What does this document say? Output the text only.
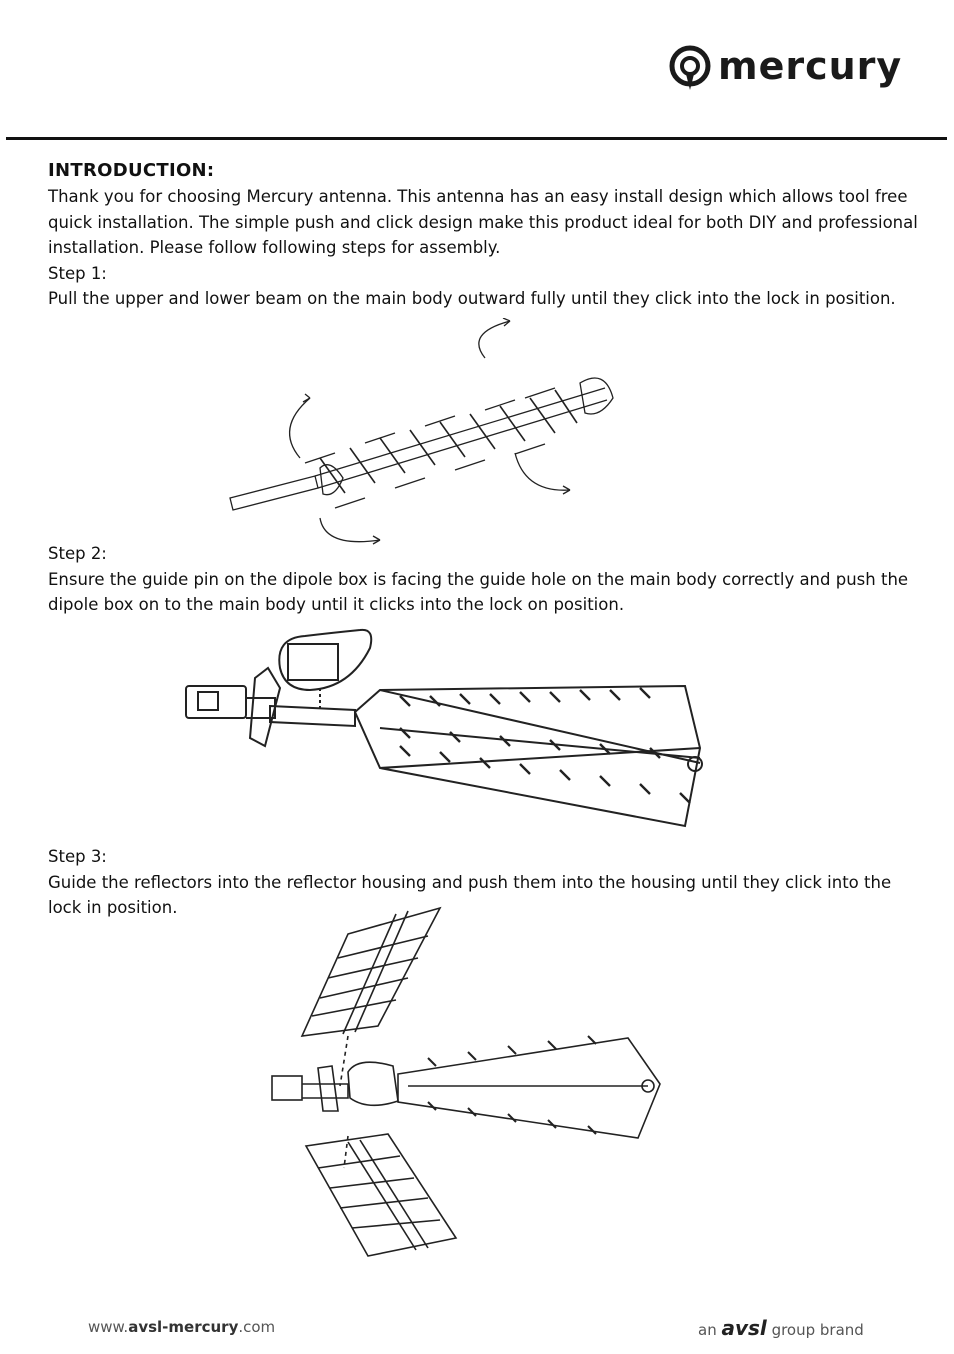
mercury

INTRODUCTION:

Thank you for choosing Mercury antenna. This antenna has an easy install design which allows tool free quick installation. The simple push and click design make this product ideal for both DIY and professional installation. Please follow following steps for assembly.

Step 1:

Pull the upper and lower beam on the main body outward fully until they click into the lock in position.

Step 2:

Ensure the guide pin on the dipole box is facing the guide hole on the main body correctly and push the dipole box on to the main body until it clicks into the lock on position.

Step 3:

Guide the reflectors into the reflector housing and push them into the housing until they click into the lock in position.

www.avsl-mercury.com	an avsl group brand
